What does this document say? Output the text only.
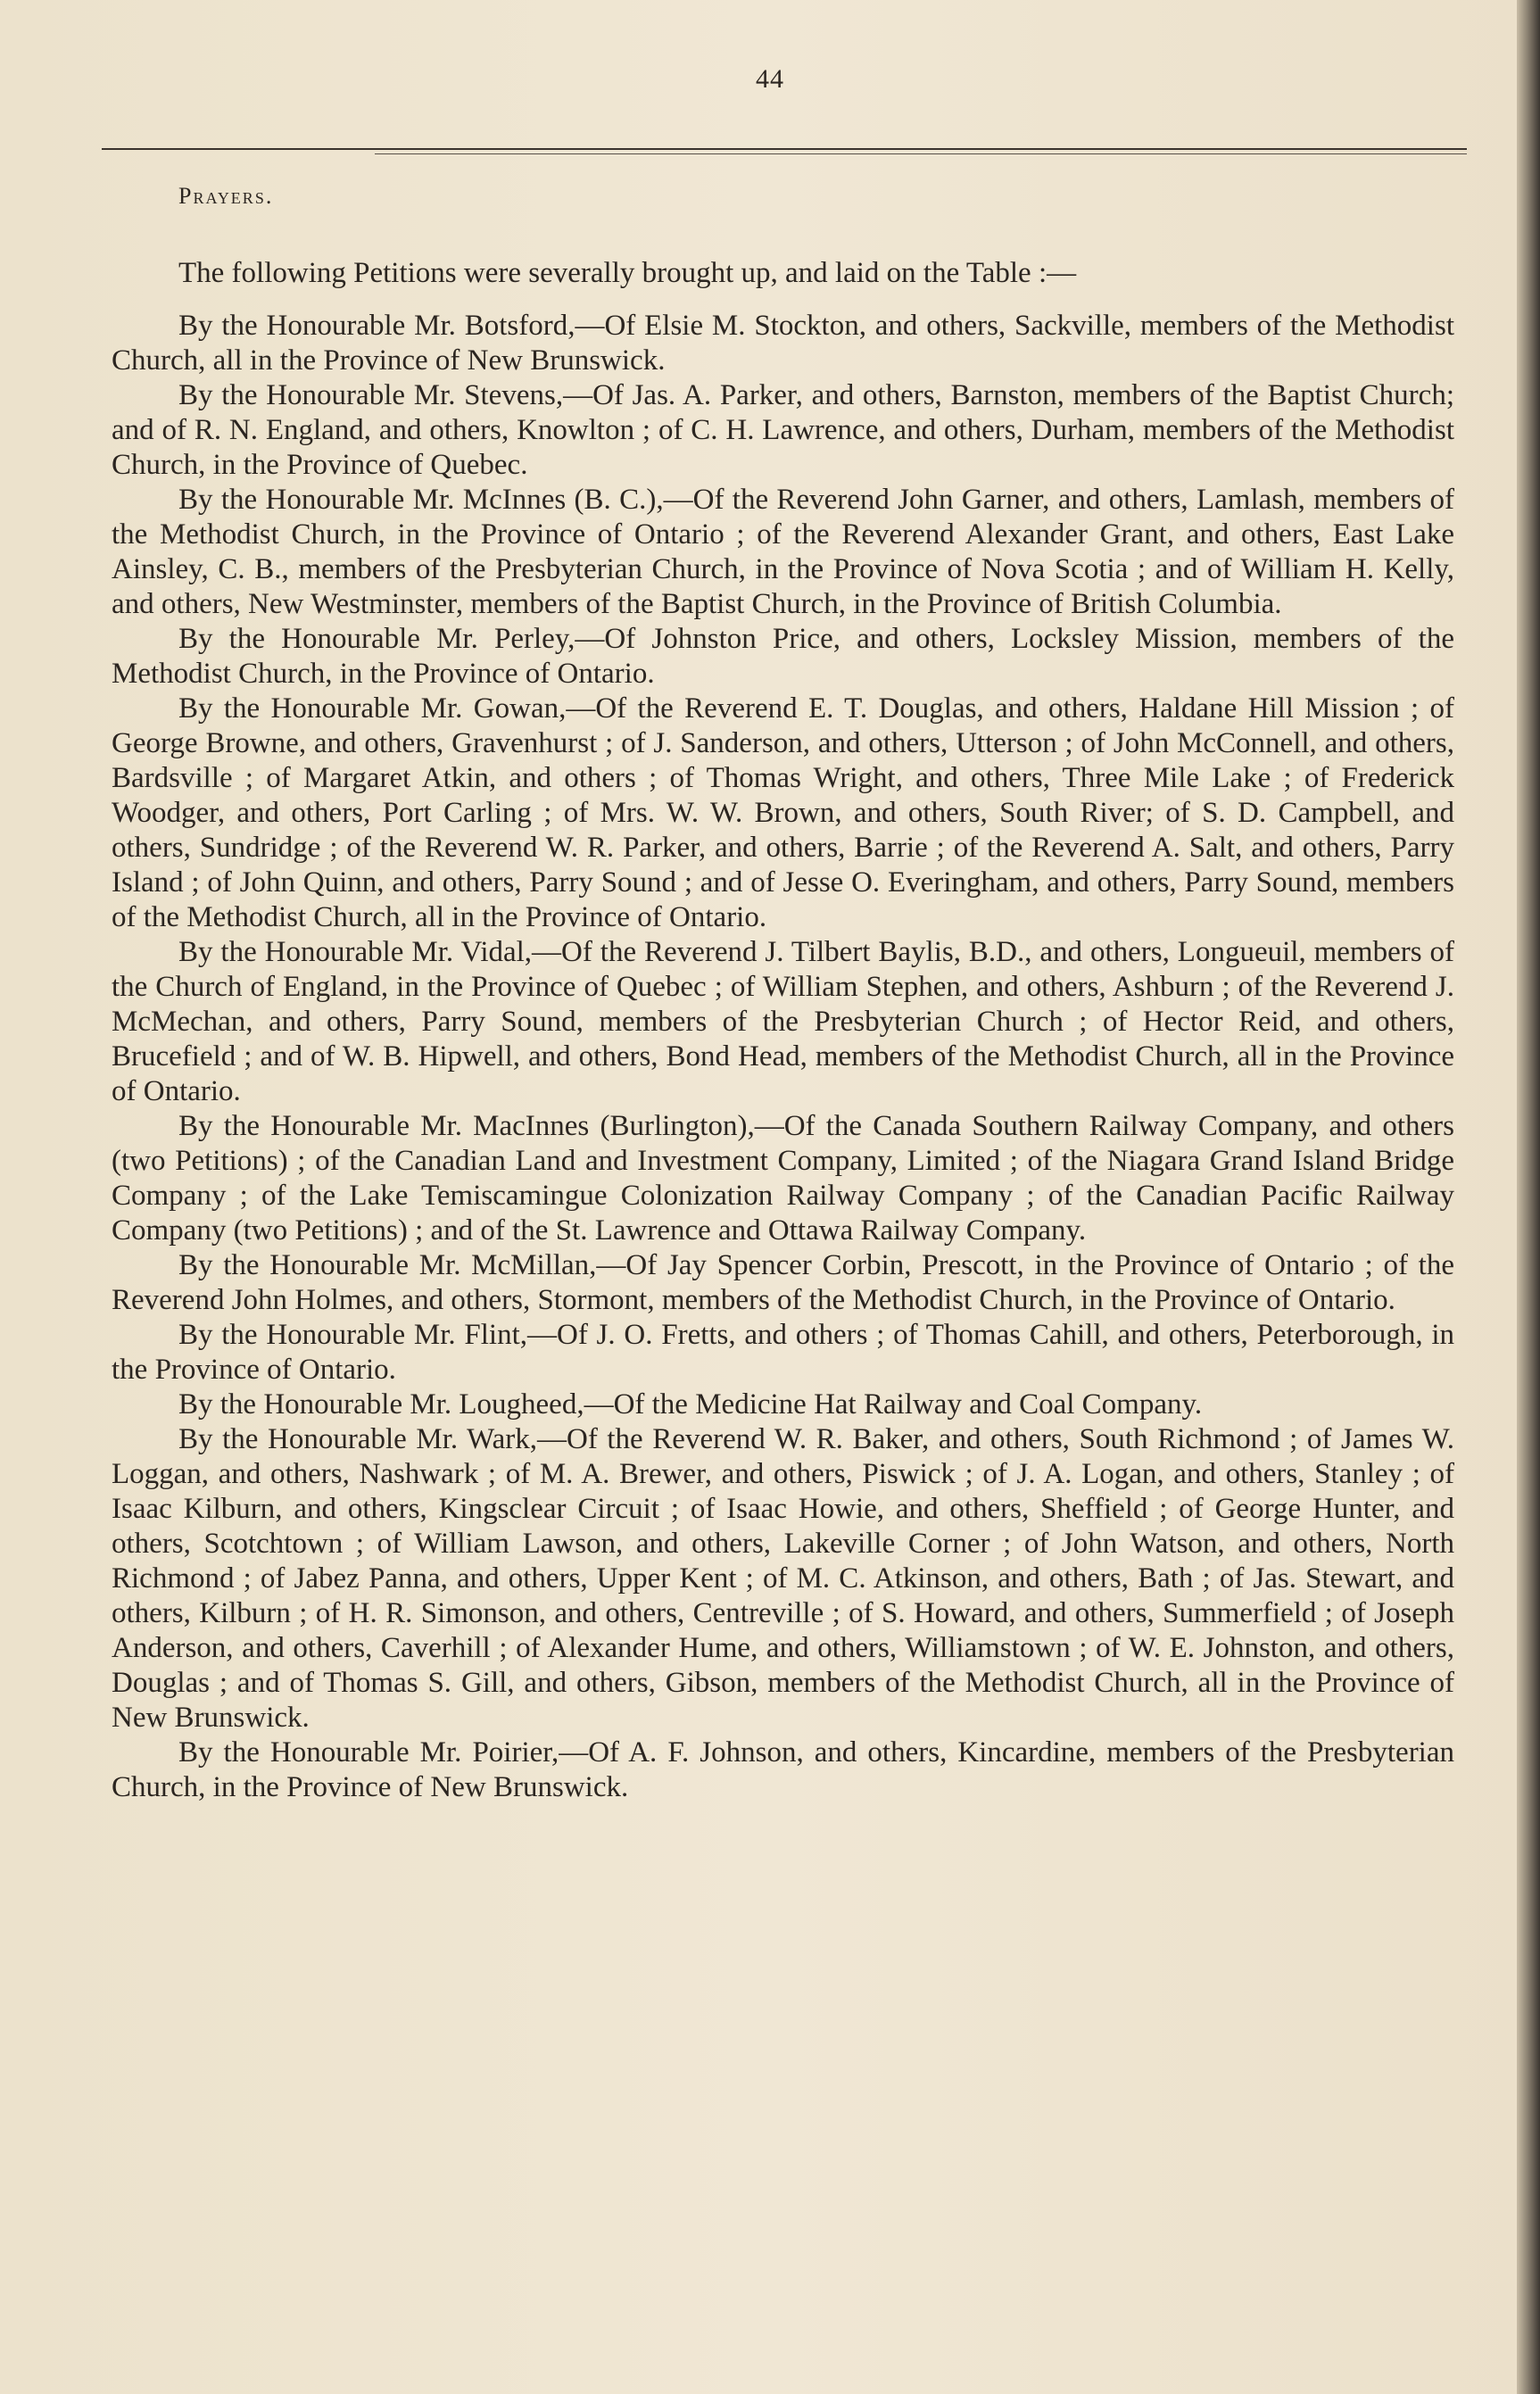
44
Prayers.

The following Petitions were severally brought up, and laid on the Table :—

By the Honourable Mr. Botsford,—Of Elsie M. Stockton, and others, Sackville, members of the Methodist Church, all in the Province of New Brunswick.

By the Honourable Mr. Stevens,—Of Jas. A. Parker, and others, Barnston, members of the Baptist Church; and of R. N. England, and others, Knowlton ; of C. H. Lawrence, and others, Durham, members of the Methodist Church, in the Province of Quebec.

By the Honourable Mr. McInnes (B. C.),—Of the Reverend John Garner, and others, Lamlash, members of the Methodist Church, in the Province of Ontario ; of the Reverend Alexander Grant, and others, East Lake Ainsley, C. B., members of the Presbyterian Church, in the Province of Nova Scotia ; and of William H. Kelly, and others, New Westminster, members of the Baptist Church, in the Province of British Columbia.

By the Honourable Mr. Perley,—Of Johnston Price, and others, Locksley Mission, members of the Methodist Church, in the Province of Ontario.

By the Honourable Mr. Gowan,—Of the Reverend E. T. Douglas, and others, Haldane Hill Mission ; of George Browne, and others, Gravenhurst ; of J. Sanderson, and others, Utterson ; of John McConnell, and others, Bardsville ; of Margaret Atkin, and others ; of Thomas Wright, and others, Three Mile Lake ; of Frederick Woodger, and others, Port Carling ; of Mrs. W. W. Brown, and others, South River; of S. D. Campbell, and others, Sundridge ; of the Reverend W. R. Parker, and others, Barrie ; of the Reverend A. Salt, and others, Parry Island ; of John Quinn, and others, Parry Sound ; and of Jesse O. Everingham, and others, Parry Sound, members of the Methodist Church, all in the Province of Ontario.

By the Honourable Mr. Vidal,—Of the Reverend J. Tilbert Baylis, B.D., and others, Longueuil, members of the Church of England, in the Province of Quebec ; of William Stephen, and others, Ashburn ; of the Reverend J. McMechan, and others, Parry Sound, members of the Presbyterian Church ; of Hector Reid, and others, Brucefield ; and of W. B. Hipwell, and others, Bond Head, members of the Methodist Church, all in the Province of Ontario.

By the Honourable Mr. MacInnes (Burlington),—Of the Canada Southern Railway Company, and others (two Petitions) ; of the Canadian Land and Investment Company, Limited ; of the Niagara Grand Island Bridge Company ; of the Lake Temiscamingue Colonization Railway Company ; of the Canadian Pacific Railway Company (two Petitions) ; and of the St. Lawrence and Ottawa Railway Company.

By the Honourable Mr. McMillan,—Of Jay Spencer Corbin, Prescott, in the Province of Ontario ; of the Reverend John Holmes, and others, Stormont, members of the Methodist Church, in the Province of Ontario.

By the Honourable Mr. Flint,—Of J. O. Fretts, and others ; of Thomas Cahill, and others, Peterborough, in the Province of Ontario.

By the Honourable Mr. Lougheed,—Of the Medicine Hat Railway and Coal Company.

By the Honourable Mr. Wark,—Of the Reverend W. R. Baker, and others, South Richmond ; of James W. Loggan, and others, Nashwark ; of M. A. Brewer, and others, Piswick ; of J. A. Logan, and others, Stanley ; of Isaac Kilburn, and others, Kingsclear Circuit ; of Isaac Howie, and others, Sheffield ; of George Hunter, and others, Scotchtown ; of William Lawson, and others, Lakeville Corner ; of John Watson, and others, North Richmond ; of Jabez Panna, and others, Upper Kent ; of M. C. Atkinson, and others, Bath ; of Jas. Stewart, and others, Kilburn ; of H. R. Simonson, and others, Centreville ; of S. Howard, and others, Summerfield ; of Joseph Anderson, and others, Caverhill ; of Alexander Hume, and others, Williamstown ; of W. E. Johnston, and others, Douglas ; and of Thomas S. Gill, and others, Gibson, members of the Methodist Church, all in the Province of New Brunswick.

By the Honourable Mr. Poirier,—Of A. F. Johnson, and others, Kincardine, members of the Presbyterian Church, in the Province of New Brunswick.
